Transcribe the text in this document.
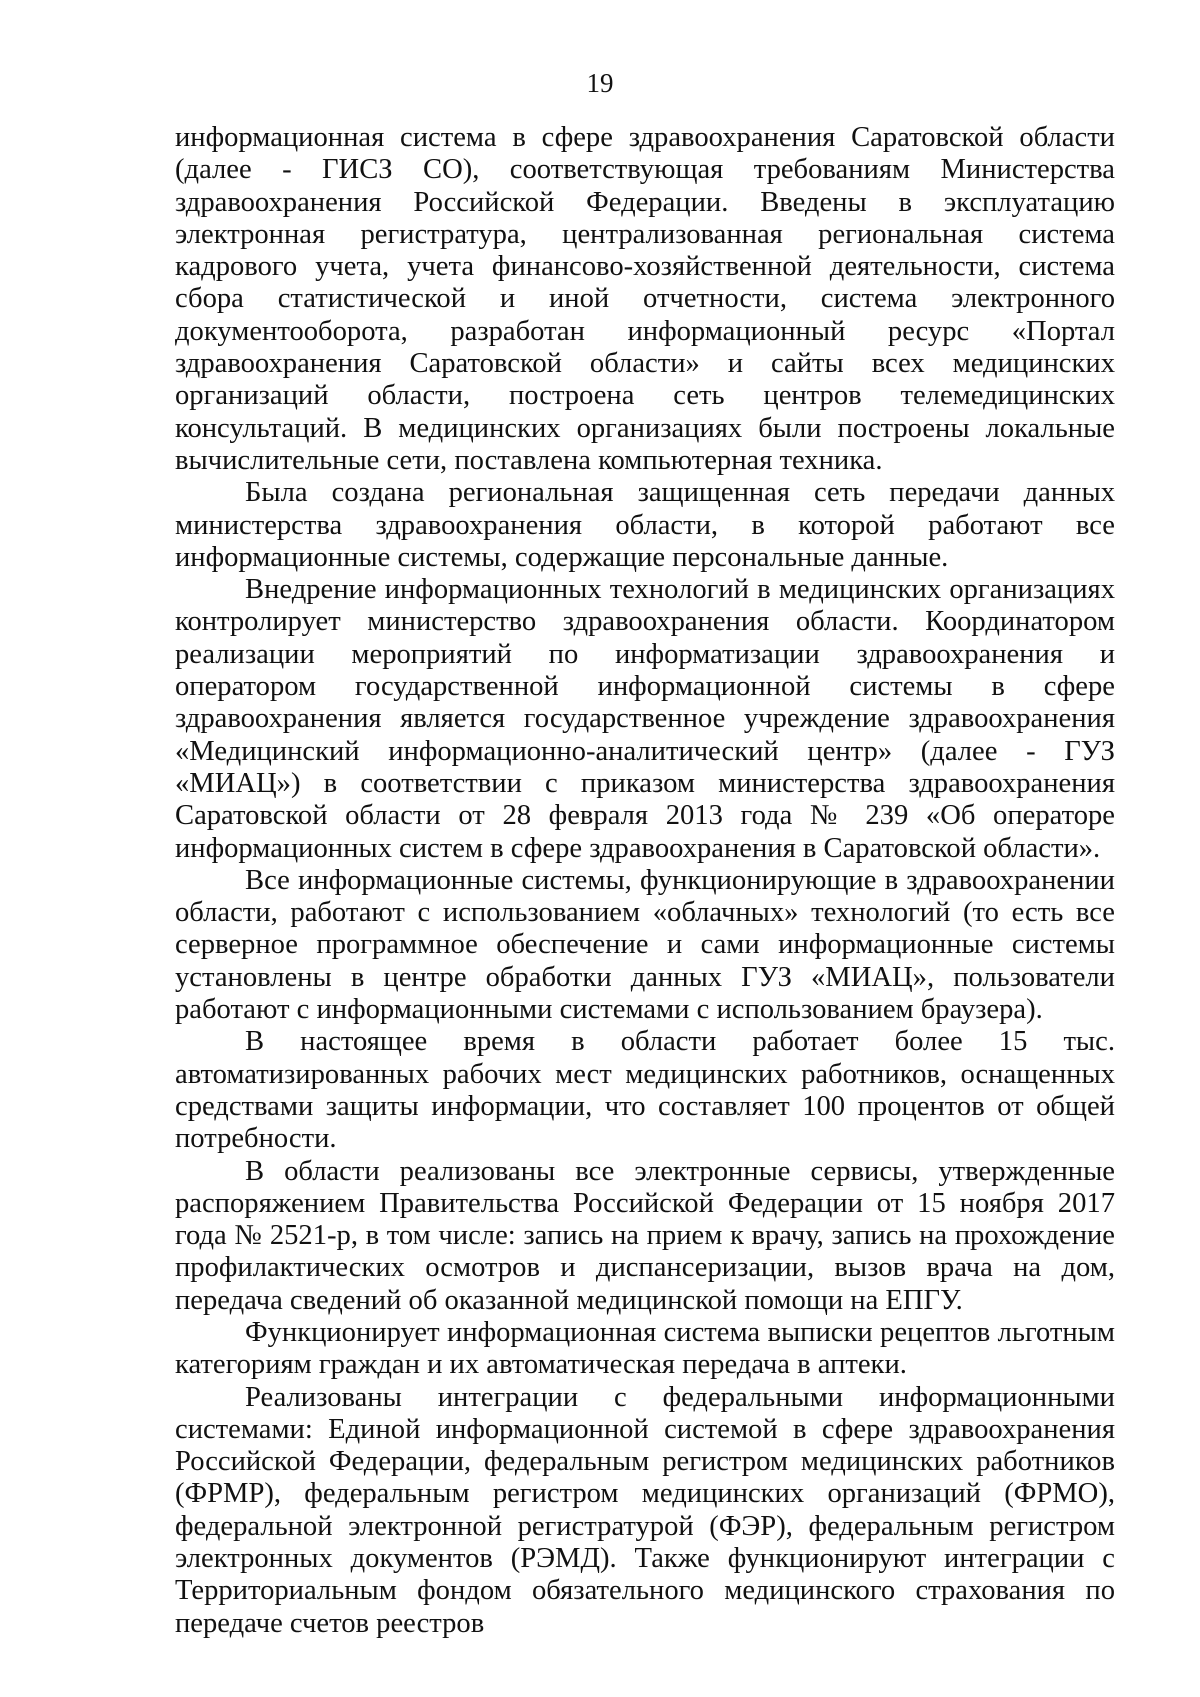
19

информационная система в сфере здравоохранения Саратовской области (далее - ГИСЗ СО), соответствующая требованиям Министерства здравоохранения Российской Федерации. Введены в эксплуатацию электронная регистратура, централизованная региональная система кадрового учета, учета финансово-хозяйственной деятельности, система сбора статистической и иной отчетности, система электронного документооборота, разработан информационный ресурс «Портал здравоохранения Саратовской области» и сайты всех медицинских организаций области, построена сеть центров телемедицинских консультаций. В медицинских организациях были построены локальные вычислительные сети, поставлена компьютерная техника.

Была создана региональная защищенная сеть передачи данных министерства здравоохранения области, в которой работают все информационные системы, содержащие персональные данные.

Внедрение информационных технологий в медицинских организациях контролирует министерство здравоохранения области. Координатором реализации мероприятий по информатизации здравоохранения и оператором государственной информационной системы в сфере здравоохранения является государственное учреждение здравоохранения «Медицинский информационно-аналитический центр» (далее - ГУЗ «МИАЦ») в соответствии с приказом министерства здравоохранения Саратовской области от 28 февраля 2013 года № 239 «Об операторе информационных систем в сфере здравоохранения в Саратовской области».

Все информационные системы, функционирующие в здравоохранении области, работают с использованием «облачных» технологий (то есть все серверное программное обеспечение и сами информационные системы установлены в центре обработки данных ГУЗ «МИАЦ», пользователи работают с информационными системами с использованием браузера).

В настоящее время в области работает более 15 тыс. автоматизированных рабочих мест медицинских работников, оснащенных средствами защиты информации, что составляет 100 процентов от общей потребности.

В области реализованы все электронные сервисы, утвержденные распоряжением Правительства Российской Федерации от 15 ноября 2017 года № 2521-р, в том числе: запись на прием к врачу, запись на прохождение профилактических осмотров и диспансеризации, вызов врача на дом, передача сведений об оказанной медицинской помощи на ЕПГУ.

Функционирует информационная система выписки рецептов льготным категориям граждан и их автоматическая передача в аптеки.

Реализованы интеграции с федеральными информационными системами: Единой информационной системой в сфере здравоохранения Российской Федерации, федеральным регистром медицинских работников (ФРМР), федеральным регистром медицинских организаций (ФРМО), федеральной электронной регистратурой (ФЭР), федеральным регистром электронных документов (РЭМД). Также функционируют интеграции с Территориальным фондом обязательного медицинского страхования по передаче счетов реестров
